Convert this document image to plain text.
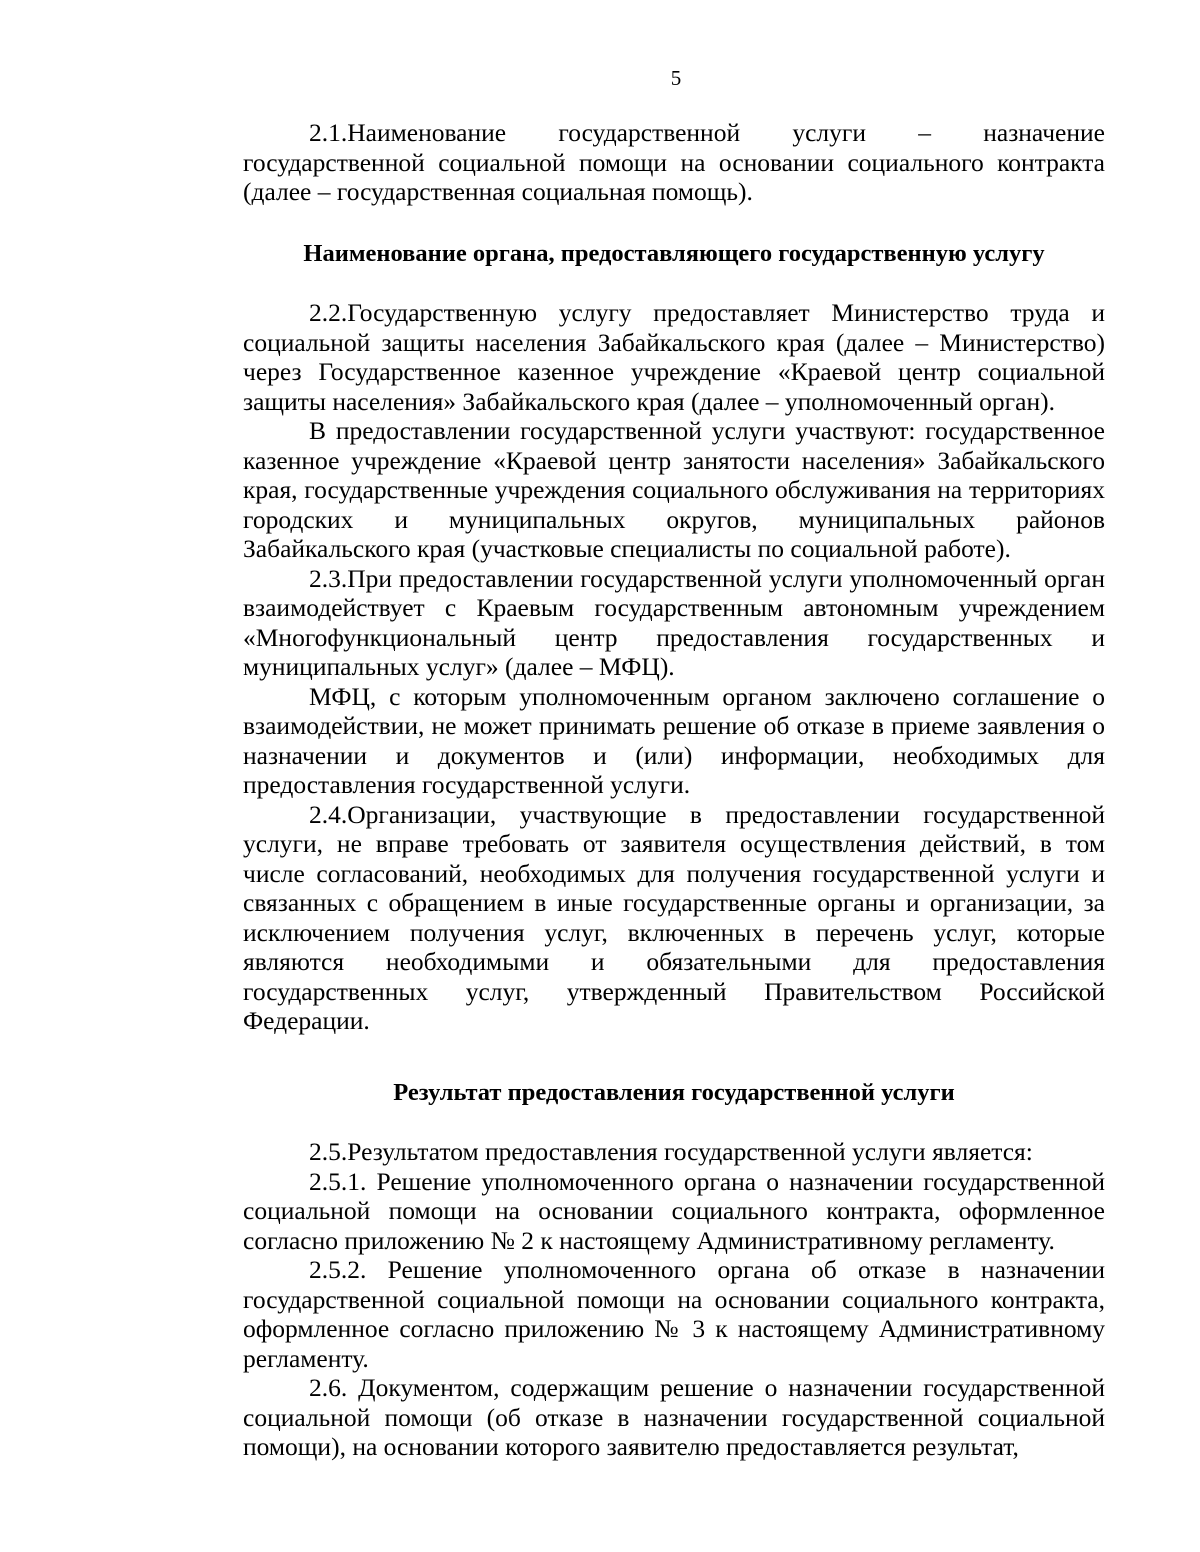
5

2.1.Наименование государственной услуги – назначение государственной социальной помощи на основании социального контракта (далее – государственная социальная помощь).

Наименование органа, предоставляющего государственную услугу

2.2.Государственную услугу предоставляет Министерство труда и социальной защиты населения Забайкальского края (далее – Министерство) через Государственное казенное учреждение «Краевой центр социальной защиты населения» Забайкальского края (далее – уполномоченный орган).

В предоставлении государственной услуги участвуют: государственное казенное учреждение «Краевой центр занятости населения» Забайкальского края, государственные учреждения социального обслуживания на территориях городских и муниципальных округов, муниципальных районов Забайкальского края (участковые специалисты по социальной работе).

2.3.При предоставлении государственной услуги уполномоченный орган взаимодействует с Краевым государственным автономным учреждением «Многофункциональный центр предоставления государственных и муниципальных услуг» (далее – МФЦ).

МФЦ, с которым уполномоченным органом заключено соглашение о взаимодействии, не может принимать решение об отказе в приеме заявления о назначении и документов и (или) информации, необходимых для предоставления государственной услуги.

2.4.Организации, участвующие в предоставлении государственной услуги, не вправе требовать от заявителя осуществления действий, в том числе согласований, необходимых для получения государственной услуги и связанных с обращением в иные государственные органы и организации, за исключением получения услуг, включенных в перечень услуг, которые являются необходимыми и обязательными для предоставления государственных услуг, утвержденный Правительством Российской Федерации.

Результат предоставления государственной услуги

2.5.Результатом предоставления государственной услуги является:

2.5.1. Решение уполномоченного органа о назначении государственной социальной помощи на основании социального контракта, оформленное согласно приложению № 2 к настоящему Административному регламенту.

2.5.2. Решение уполномоченного органа об отказе в назначении государственной социальной помощи на основании социального контракта, оформленное согласно приложению № 3 к настоящему Административному регламенту.

2.6. Документом, содержащим решение о назначении государственной социальной помощи (об отказе в назначении государственной социальной помощи), на основании которого заявителю предоставляется результат,
